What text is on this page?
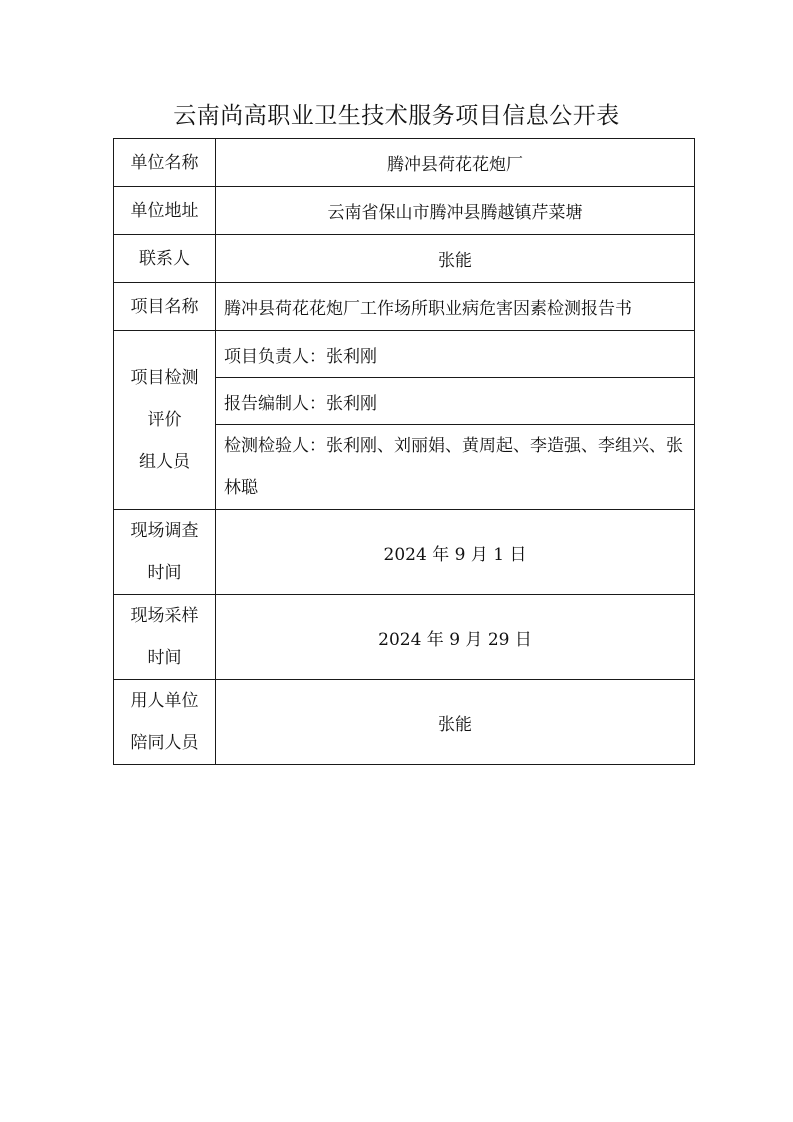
云南尚高职业卫生技术服务项目信息公开表
单位名称	腾冲县荷花花炮厂
单位地址	云南省保山市腾冲县腾越镇芹菜塘
联系人	张能
项目名称	腾冲县荷花花炮厂工作场所职业病危害因素检测报告书

项目检测
评价
组人员	项目负责人：张利刚
	报告编制人：张利刚
	检测检验人：张利刚、刘丽娟、黄周起、李造强、李组兴、张林聪

现场调查
时间	2024 年 9 月 1 日

现场采样
时间	2024 年 9 月 29 日

用人单位
陪同人员	张能
